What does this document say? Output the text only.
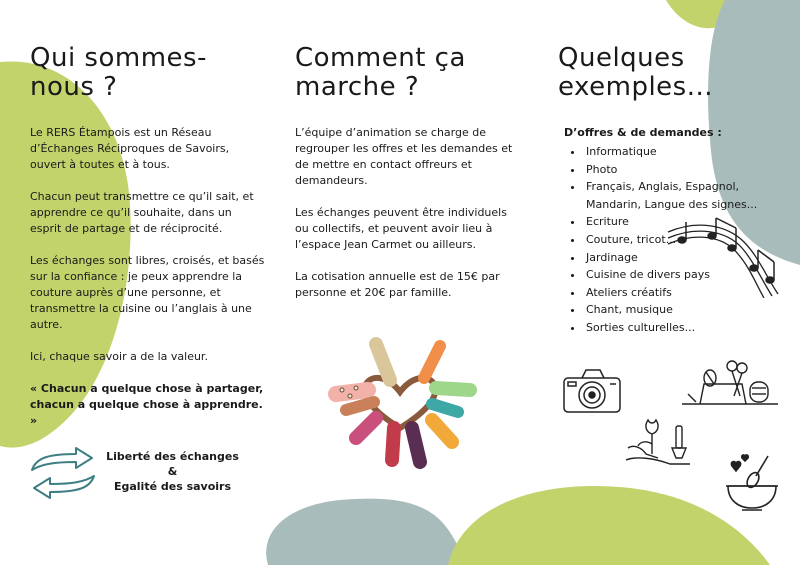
Qui sommes-
nous ?

Le RERS Étampois est un Réseau d’Échanges Réciproques de Savoirs, ouvert à toutes et à tous.

Chacun peut transmettre ce qu’il sait, et apprendre ce qu’il souhaite, dans un esprit de partage et de réciprocité.

Les échanges sont libres, croisés, et basés sur la confiance : je peux apprendre la couture auprès d’une personne, et transmettre la cuisine ou l’anglais à une autre.

Ici, chaque savoir a de la valeur.

« Chacun a quelque chose à partager, chacun a quelque chose à apprendre. »

Liberté des échanges
&
Egalité des savoirs
Comment ça
marche ?

L’équipe d’animation se charge de regrouper les offres et les demandes et de mettre en contact offreurs et demandeurs.

Les échanges peuvent être individuels ou collectifs, et peuvent avoir lieu à l’espace Jean Carmet ou ailleurs.

La cotisation annuelle est de 15€ par personne et 20€ par famille.

Quelques
exemples...

D’offres & de demandes :

• Informatique
• Photo
• Français, Anglais, Espagnol, Mandarin, Langue des signes...
• Ecriture
• Couture, tricot...
• Jardinage
• Cuisine de divers pays
• Ateliers créatifs
• Chant, musique
• Sorties culturelles...
